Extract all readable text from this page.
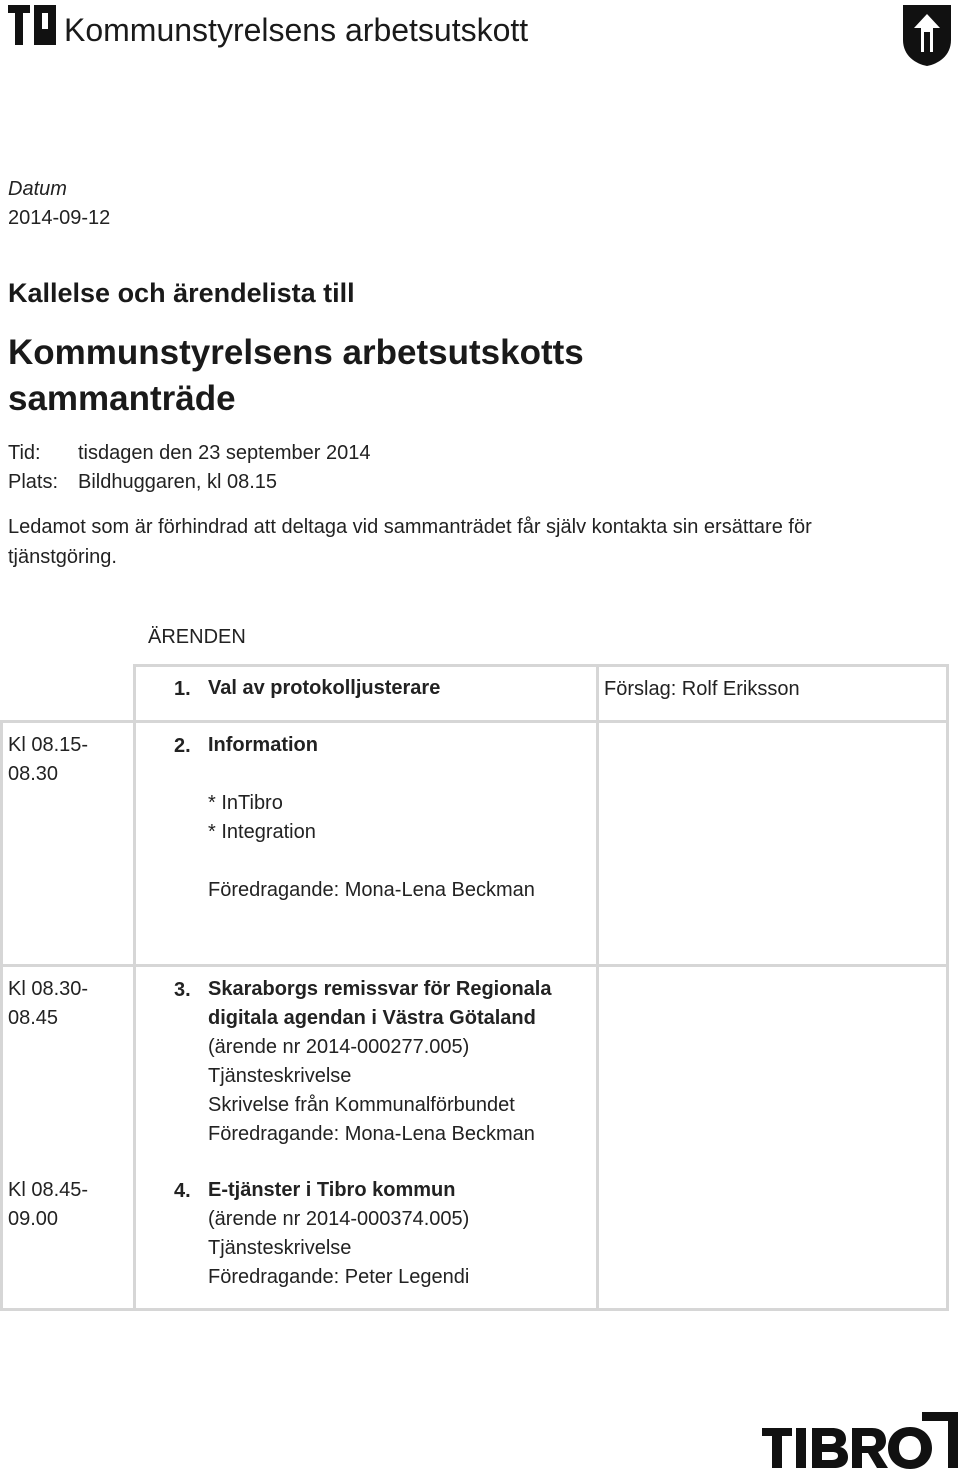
Kommunstyrelsens arbetsutskott
Datum
2014-09-12
Kallelse och ärendelista till
Kommunstyrelsens arbetsutskotts sammanträde
Tid: tisdagen den 23 september 2014
Plats: Bildhuggaren, kl 08.15
Ledamot som är förhindrad att deltaga vid sammanträdet får själv kontakta sin ersättare för tjänstgöring.
ÄRENDEN
1. Val av protokolljusterare	Förslag: Rolf Eriksson
Kl 08.15-
08.30
2. Information

* InTibro
* Integration

Föredragande: Mona-Lena Beckman
Kl 08.30-
08.45
3. Skaraborgs remissvar för Regionala
digitala agendan i Västra Götaland
(ärende nr 2014-000277.005)
Tjänsteskrivelse
Skrivelse från Kommunalförbundet
Föredragande: Mona-Lena Beckman
Kl 08.45-
09.00
4. E-tjänster i Tibro kommun
(ärende nr 2014-000374.005)
Tjänsteskrivelse
Föredragande: Peter Legendi
